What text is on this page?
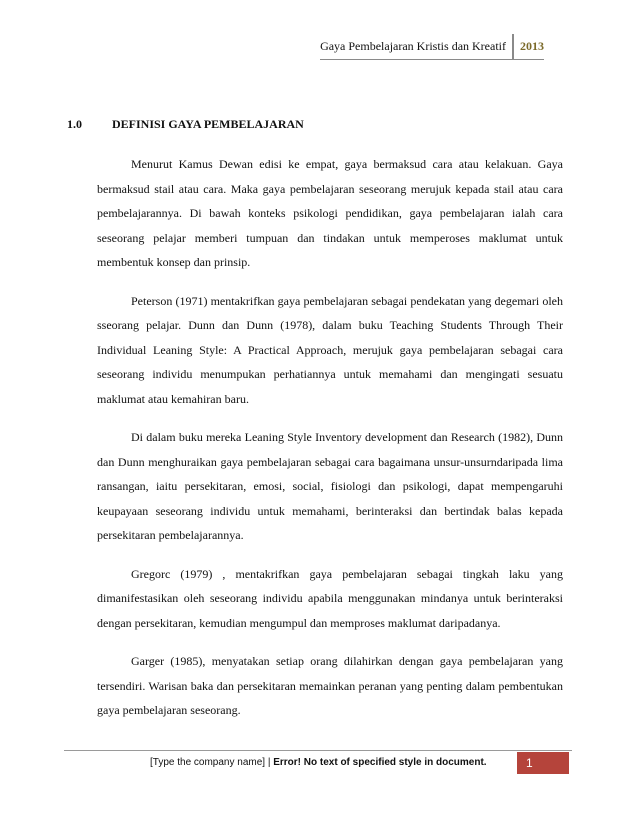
Gaya Pembelajaran Kristis dan Kreatif	2013
1.0	DEFINISI GAYA PEMBELAJARAN

Menurut Kamus Dewan edisi ke empat, gaya bermaksud cara atau kelakuan. Gaya bermaksud stail atau cara. Maka gaya pembelajaran seseorang merujuk kepada stail atau cara pembelajarannya. Di bawah konteks psikologi pendidikan, gaya pembelajaran ialah cara seseorang pelajar memberi tumpuan dan tindakan untuk memperoses maklumat untuk membentuk konsep dan prinsip.

Peterson (1971) mentakrifkan gaya pembelajaran sebagai pendekatan yang degemari oleh sseorang pelajar. Dunn dan Dunn (1978), dalam buku Teaching Students Through Their Individual Leaning Style: A Practical Approach, merujuk gaya pembelajaran sebagai cara seseorang individu menumpukan perhatiannya untuk memahami dan mengingati sesuatu maklumat atau kemahiran baru.

Di dalam buku mereka Leaning Style Inventory development dan Research (1982), Dunn dan Dunn menghuraikan gaya pembelajaran sebagai cara bagaimana unsur-unsurndaripada lima ransangan, iaitu persekitaran, emosi, social, fisiologi dan psikologi, dapat mempengaruhi keupayaan seseorang individu untuk memahami, berinteraksi dan bertindak balas kepada persekitaran pembelajarannya.

Gregorc (1979) , mentakrifkan gaya pembelajaran sebagai tingkah laku yang dimanifestasikan oleh seseorang individu apabila menggunakan mindanya untuk berinteraksi dengan persekitaran, kemudian mengumpul dan memproses maklumat daripadanya.

Garger (1985), menyatakan setiap orang dilahirkan dengan gaya pembelajaran yang tersendiri. Warisan baka dan persekitaran memainkan peranan yang penting dalam pembentukan gaya pembelajaran seseorang.

[Type the company name] | Error! No text of specified style in document.	1
